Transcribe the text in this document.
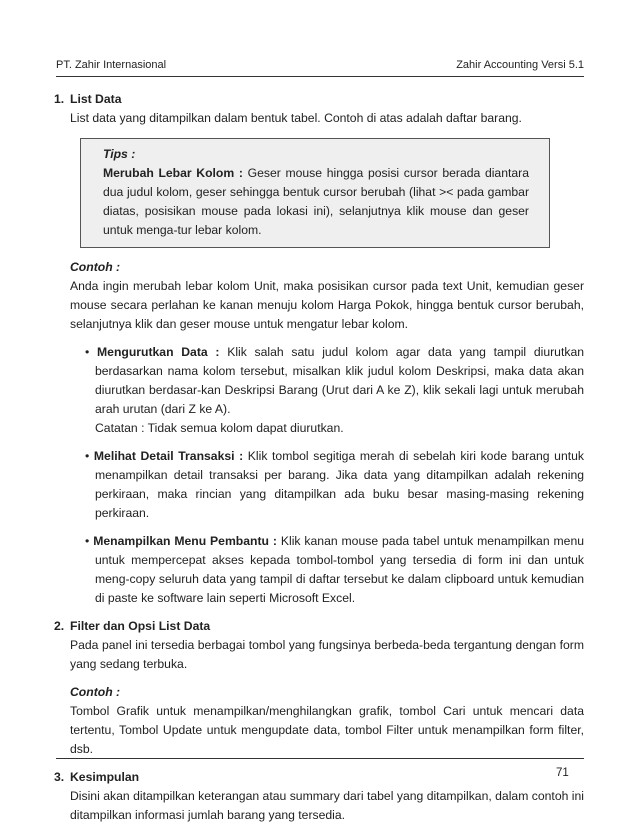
PT. Zahir Internasional	Zahir Accounting Versi 5.1
1. List Data

List data yang ditampilkan dalam bentuk tabel. Contoh di atas adalah daftar barang.

Tips :

Merubah Lebar Kolom : Geser mouse hingga posisi cursor berada diantara dua judul kolom, geser sehingga bentuk cursor berubah (lihat >< pada gambar diatas, posisikan mouse pada lokasi ini), selanjutnya klik mouse dan geser untuk menga-tur lebar kolom.

Contoh :

Anda ingin merubah lebar kolom Unit, maka posisikan cursor pada text Unit, kemudian geser mouse secara perlahan ke kanan menuju kolom Harga Pokok, hingga bentuk cursor berubah, selanjutnya klik dan geser mouse untuk mengatur lebar kolom.

• Mengurutkan Data : Klik salah satu judul kolom agar data yang tampil diurutkan berdasarkan nama kolom tersebut, misalkan klik judul kolom Deskripsi, maka data akan diurutkan berdasar-kan Deskripsi Barang (Urut dari A ke Z), klik sekali lagi untuk merubah arah urutan (dari Z ke A).

Catatan : Tidak semua kolom dapat diurutkan.

• Melihat Detail Transaksi : Klik tombol segitiga merah di sebelah kiri kode barang untuk menampilkan detail transaksi per barang. Jika data yang ditampilkan adalah rekening perkiraan, maka rincian yang ditampilkan ada buku besar masing-masing rekening perkiraan.

• Menampilkan Menu Pembantu : Klik kanan mouse pada tabel untuk menampilkan menu untuk mempercepat akses kepada tombol-tombol yang tersedia di form ini dan untuk meng-copy seluruh data yang tampil di daftar tersebut ke dalam clipboard untuk kemudian di paste ke software lain seperti Microsoft Excel.

2. Filter dan Opsi List Data

Pada panel ini tersedia berbagai tombol yang fungsinya berbeda-beda tergantung dengan form yang sedang terbuka.

Contoh :

Tombol Grafik untuk menampilkan/menghilangkan grafik, tombol Cari untuk mencari data tertentu, Tombol Update untuk mengupdate data, tombol Filter untuk menampilkan form filter, dsb.

3. Kesimpulan

Disini akan ditampilkan keterangan atau summary dari tabel yang ditampilkan, dalam contoh ini ditampilkan informasi jumlah barang yang tersedia.

71
